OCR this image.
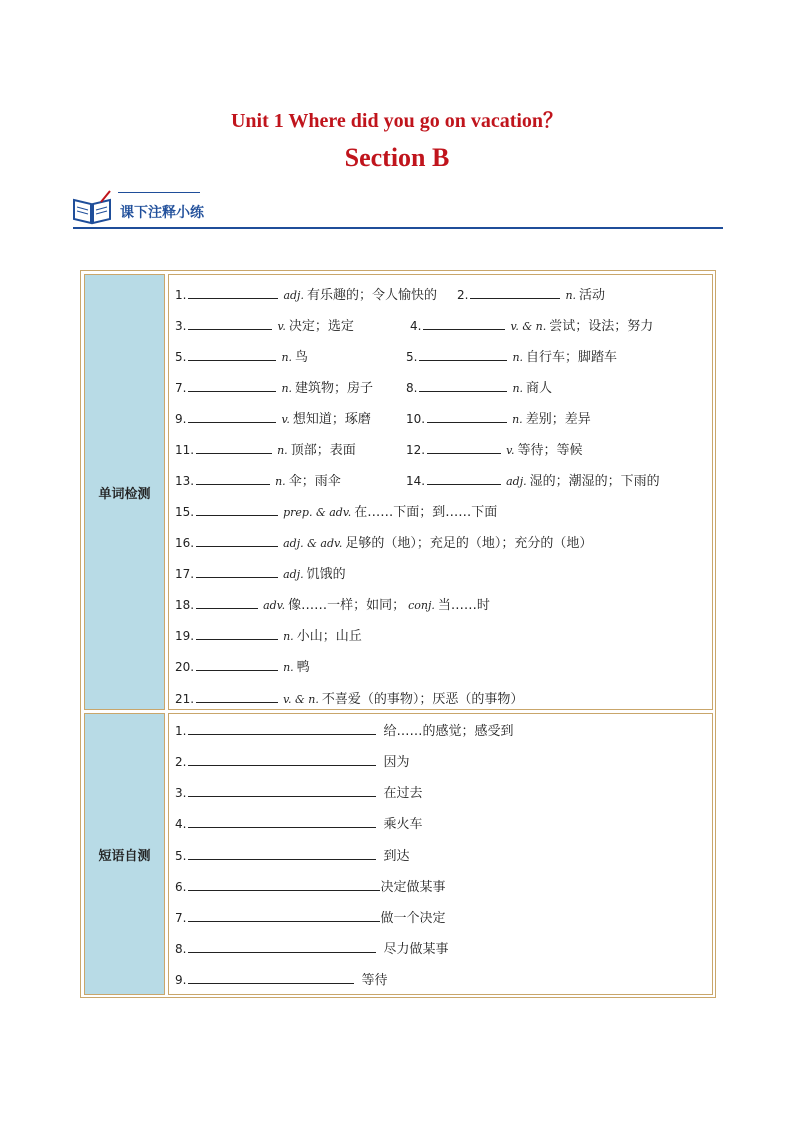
Unit 1 Where did you go on vacation？
Section B
课下注释小练
单词检测
1.	adj. 有乐趣的；令人愉快的 2.	n. 活动
3.	v. 决定；选定	4.	v. & n. 尝试；设法；努力
5.	n. 鸟	5.	n. 自行车；脚踏车
7.	n. 建筑物；房子	8.	n. 商人
9.	v. 想知道；琢磨	10.	n. 差别；差异
11.	n. 顶部；表面	12.	v. 等待；等候
13.	n. 伞；雨伞	14.	adj. 湿的；潮湿的；下雨的
15.	prep. & adv. 在……下面；到……下面
16.	adj. & adv. 足够的（地）；充足的（地）；充分的（地）
17.	adj. 饥饿的
18.	adv. 像……一样；如同； conj. 当……时
19.	n. 小山；山丘
20.	n. 鸭
21.	v. & n. 不喜爱（的事物）；厌恶（的事物）
短语自测
1.	给……的感觉；感受到
2.	因为
3.	在过去
4.	乘火车
5.	到达
6.	决定做某事
7.	做一个决定
8.	尽力做某事
9.	等待
